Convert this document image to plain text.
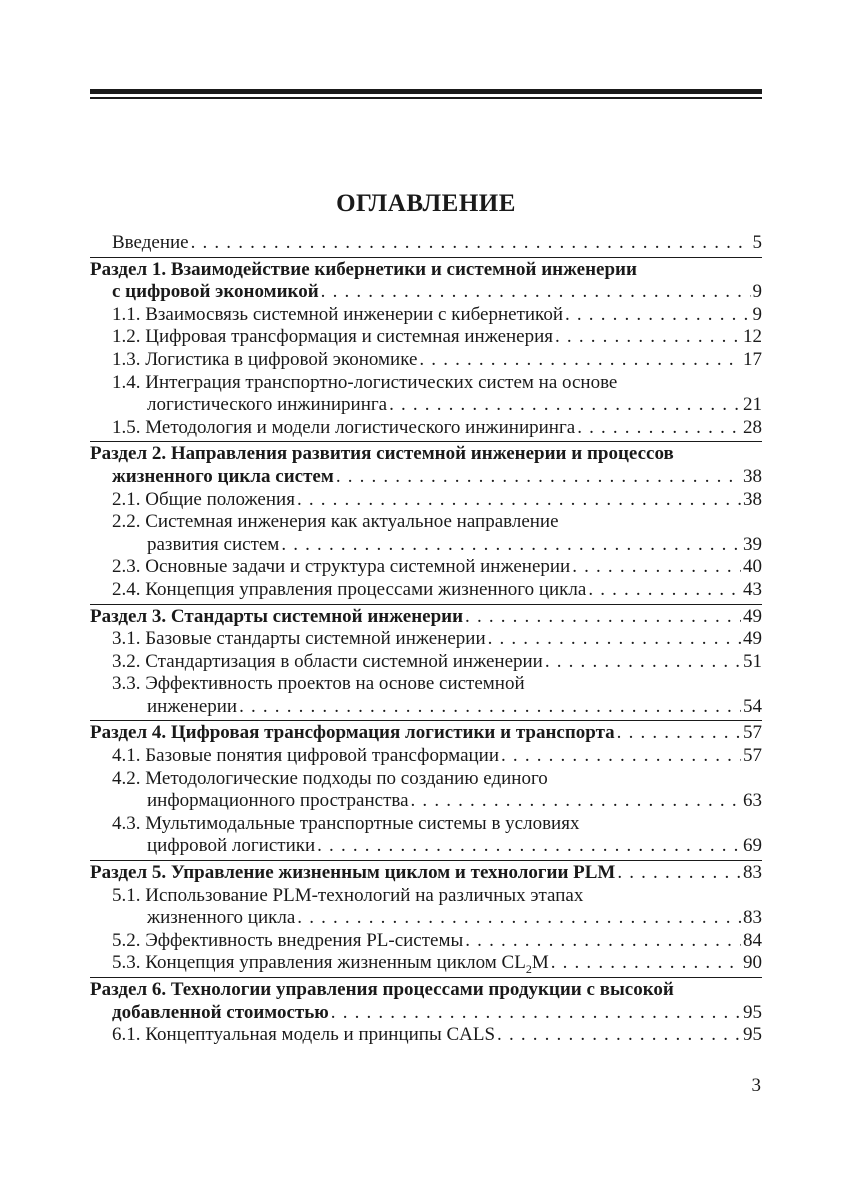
ОГЛАВЛЕНИЕ
Введение . . .	5
Раздел 1. Взаимодействие кибернетики и системной инженерии
с цифровой экономикой . . .	9
1.1. Взаимосвязь системной инженерии с кибернетикой . . .	9
1.2. Цифровая трансформация и системная инженерия . . .	12
1.3. Логистика в цифровой экономике . . .	17
1.4. Интеграция транспортно-логистических систем на основе
логистического инжиниринга . . .	21
1.5. Методология и модели логистического инжиниринга . . .	28
Раздел 2. Направления развития системной инженерии и процессов
жизненного цикла систем . . .	38
2.1. Общие положения . . .	38
2.2. Системная инженерия как актуальное направление
развития систем . . .	39
2.3. Основные задачи и структура системной инженерии . . .	40
2.4. Концепция управления процессами жизненного цикла . . .	43
Раздел 3. Стандарты системной инженерии . . .	49
3.1. Базовые стандарты системной инженерии . . .	49
3.2. Стандартизация в области системной инженерии . . .	51
3.3. Эффективность проектов на основе системной
инженерии . . .	54
Раздел 4. Цифровая трансформация логистики и транспорта . . .	57
4.1. Базовые понятия цифровой трансформации . . .	57
4.2. Методологические подходы по созданию единого
информационного пространства . . .	63
4.3. Мультимодальные транспортные системы в условиях
цифровой логистики . . .	69
Раздел 5. Управление жизненным циклом и технологии PLM . . .	83
5.1. Использование PLM-технологий на различных этапах
жизненного цикла . . .	83
5.2. Эффективность внедрения PL-системы . . .	84
5.3. Концепция управления жизненным циклом $CL_2M$ . . .	90
Раздел 6. Технологии управления процессами продукции с высокой
добавленной стоимостью . . .	95
6.1. Концептуальная модель и принципы CALS . . .	95
3
